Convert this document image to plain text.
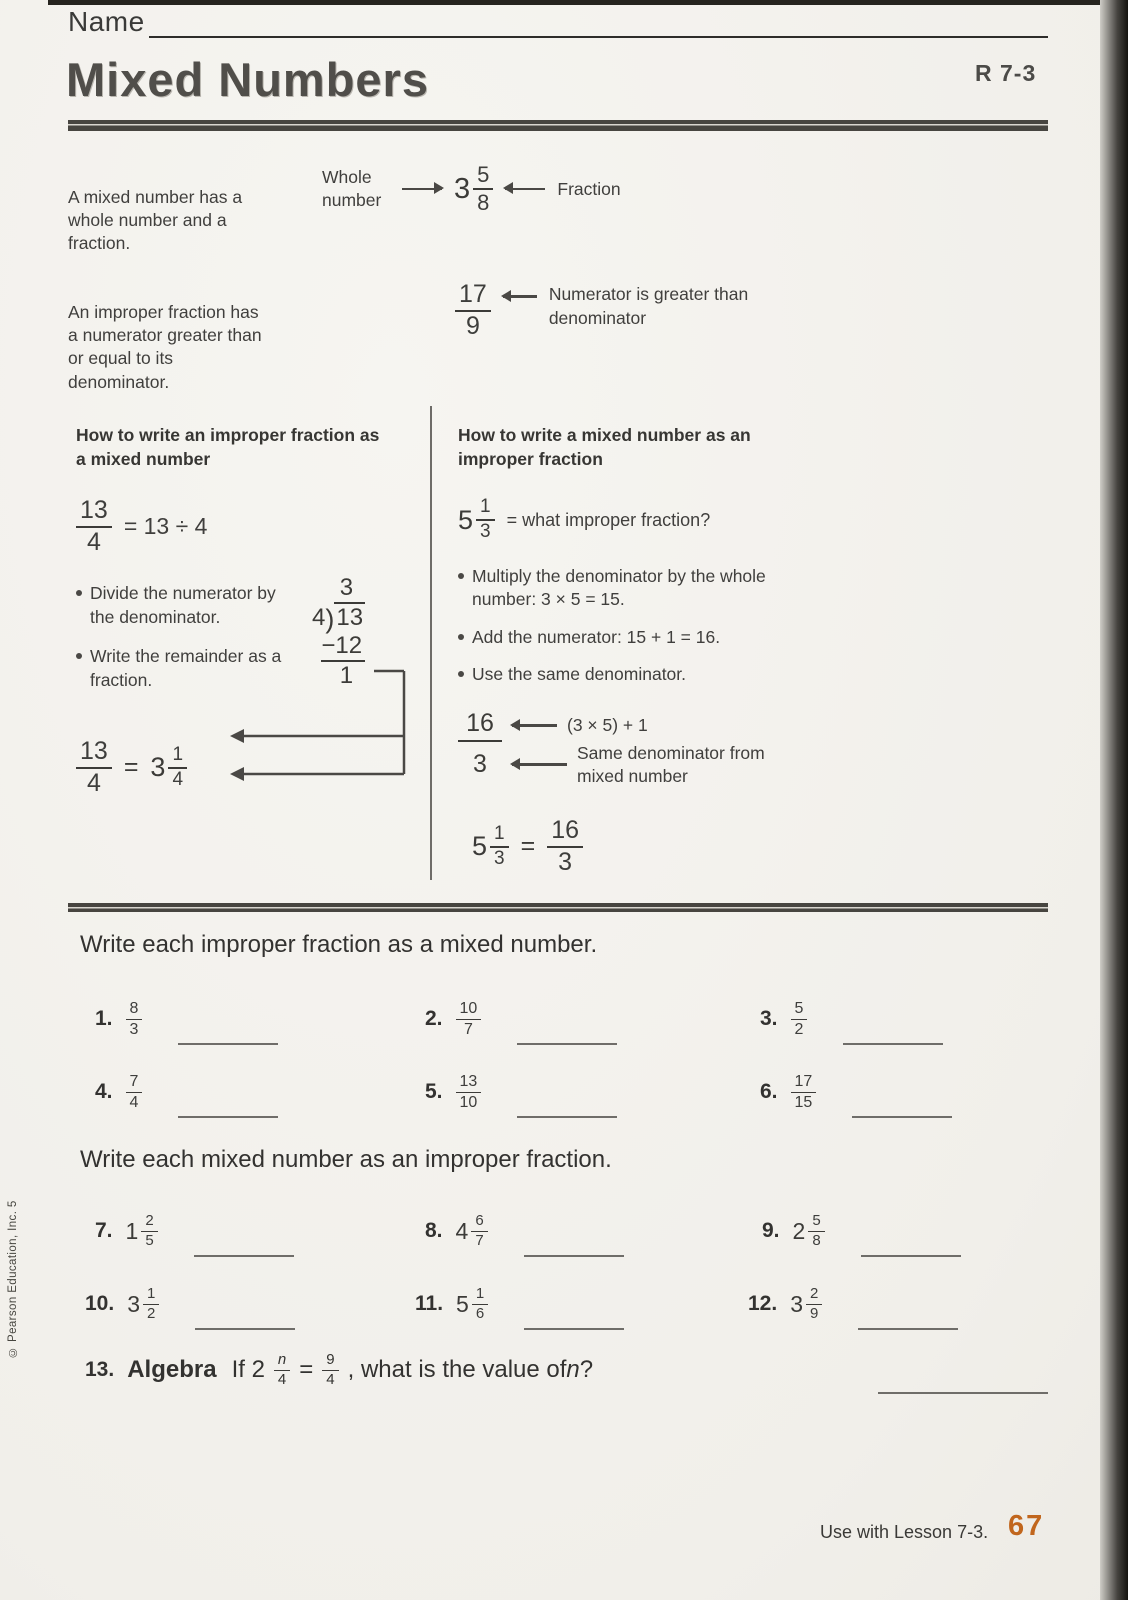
Name
Mixed Numbers	R 7-3

A mixed number has a whole number and a fraction.

Whole number	$3 \frac{5}{8}$	Fraction

An improper fraction has a numerator greater than or equal to its denominator.

$\frac{17}{9}$	Numerator is greater than denominator
How to write an improper fraction as a mixed number
$\frac{13}{4} = 13 \div 4$
Divide the numerator by the denominator.
Write the remainder as a fraction.
3
4 ) 13
−12
1
$\frac{13}{4} = 3 \frac{1}{4}$
How to write a mixed number as an improper fraction
$5 \frac{1}{3}$ = what improper fraction?
Multiply the denominator by the whole number: 3 × 5 = 15.
Add the numerator: 15 + 1 = 16.
Use the same denominator.
16	(3 × 5) + 1
3	Same denominator from mixed number
$5 \frac{1}{3} = \frac{16}{3}$
Write each improper fraction as a mixed number.
1. $\frac{8}{3}$	2. $\frac{10}{7}$	3. $\frac{5}{2}$
4. $\frac{7}{4}$	5. $\frac{13}{10}$	6. $\frac{17}{15}$
Write each mixed number as an improper fraction.
7. $1 \frac{2}{5}$	8. $4 \frac{6}{7}$	9. $2 \frac{5}{8}$
10. $3 \frac{1}{2}$	11. $5 \frac{1}{6}$	12. $3 \frac{2}{9}$
13. Algebra If $2 \frac{n}{4} = \frac{9}{4}$ , what is the value of n ?
© Pearson Education, Inc. 5
Use with Lesson 7-3. 67
